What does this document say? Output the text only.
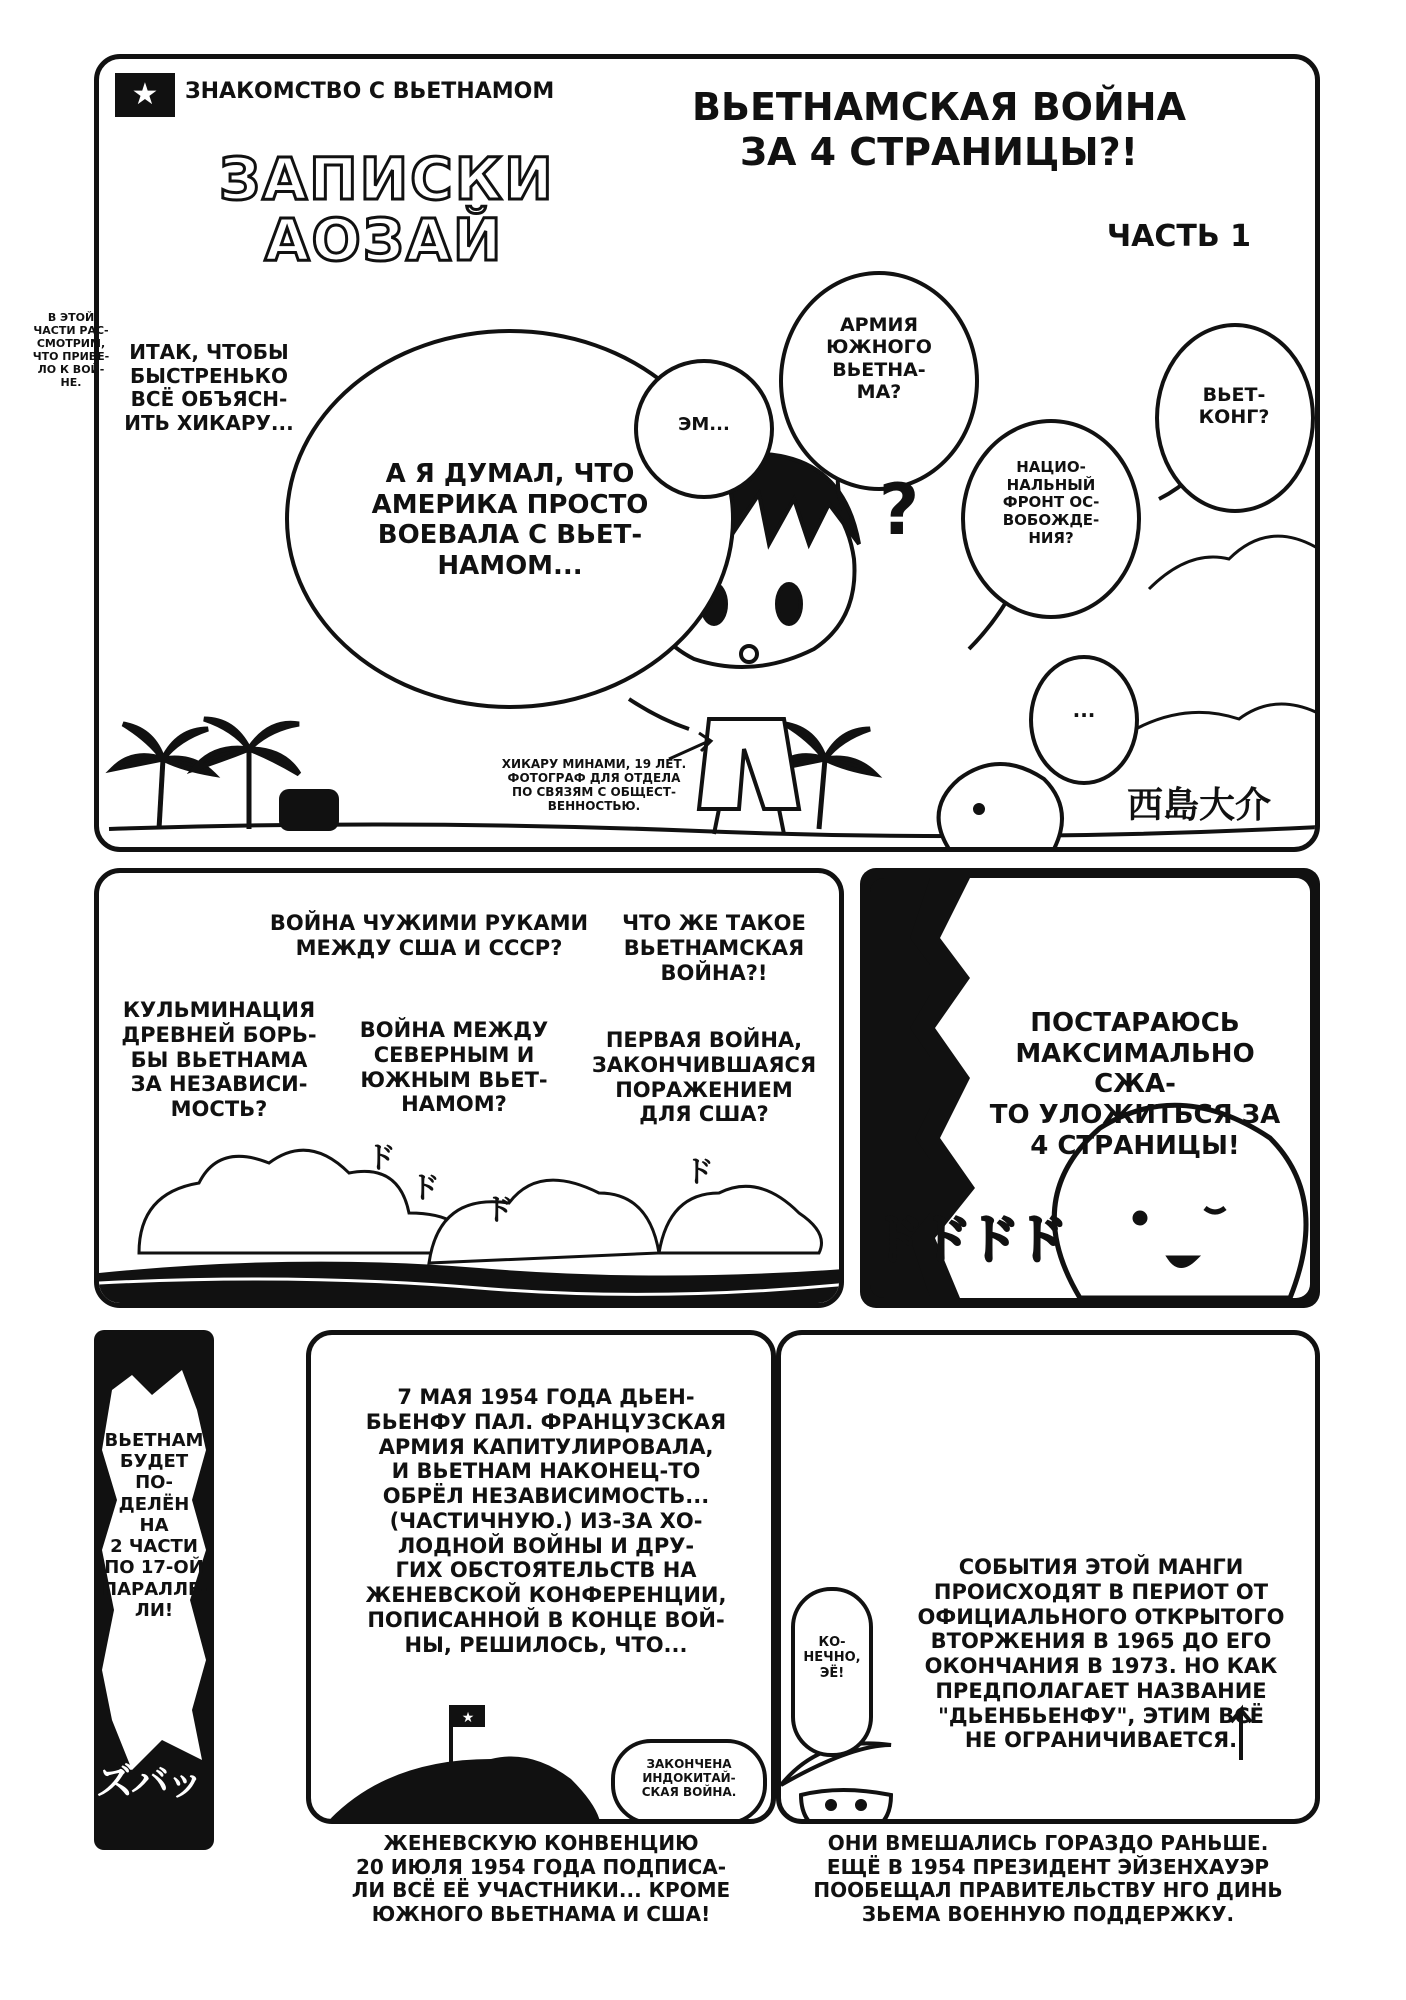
★	ЗНАКОМСТВО С ВЬЕТНАМОМ
ЗАПИСКИ
АОЗАЙ
ВЬЕТНАМСКАЯ ВОЙНА
ЗА 4 СТРАНИЦЫ?!
ЧАСТЬ 1
ИТАК, ЧТОБЫ
БЫСТРЕНЬКО
ВСЁ ОБЪЯСН-
ИТЬ ХИКАРУ...
А Я ДУМАЛ, ЧТО
АМЕРИКА ПРОСТО
ВОЕВАЛА С ВЬЕТ-
НАМОМ...
ЭМ...
АРМИЯ
ЮЖНОГО
ВЬЕТНА-
МА?
НАЦИО-
НАЛЬНЫЙ
ФРОНТ ОС-
ВОБОЖДЕ-
НИЯ?
ВЬЕТ-
КОНГ?
?
...
ХИКАРУ МИНАМИ, 19 ЛЕТ.
ФОТОГРАФ ДЛЯ ОТДЕЛА
ПО СВЯЗЯМ С ОБЩЕСТ-
ВЕННОСТЬЮ.	西島大介
В ЭТОЙ
ЧАСТИ РАС-
СМОТРИМ,
ЧТО ПРИВЕ-
ЛО К ВОЙ-
НЕ.
ВОЙНА ЧУЖИМИ РУКАМИ
МЕЖДУ США И СССР?
ЧТО ЖЕ ТАКОЕ
ВЬЕТНАМСКАЯ
ВОЙНА?!
КУЛЬМИНАЦИЯ
ДРЕВНЕЙ БОРЬ-
БЫ ВЬЕТНАМА
ЗА НЕЗАВИСИ-
МОСТЬ?
ВОЙНА МЕЖДУ
СЕВЕРНЫМ И
ЮЖНЫМ ВЬЕТ-
НАМОМ?
ПЕРВАЯ ВОЙНА,
ЗАКОНЧИВШАЯСЯ
ПОРАЖЕНИЕМ
ДЛЯ США?
ド
ド
ド
ド
ПОСТАРАЮСЬ
МАКСИМАЛЬНО СЖА-
ТО УЛОЖИТЬСЯ ЗА
4 СТРАНИЦЫ!
ドドドド
ВЬЕТНАМ
БУДЕТ ПО-
ДЕЛЁН НА
2 ЧАСТИ
ПО 17-ОЙ
ПАРАЛЛЕ-
ЛИ!
ズバッ
★
7 МАЯ 1954 ГОДА ДЬЕН-
БЬЕНФУ ПАЛ. ФРАНЦУЗСКАЯ
АРМИЯ КАПИТУЛИРОВАЛА,
И ВЬЕТНАМ НАКОНЕЦ-ТО
ОБРЁЛ НЕЗАВИСИМОСТЬ...
(ЧАСТИЧНУЮ.) ИЗ-ЗА ХО-
ЛОДНОЙ ВОЙНЫ И ДРУ-
ГИХ ОБСТОЯТЕЛЬСТВ НА
ЖЕНЕВСКОЙ КОНФЕРЕНЦИИ,
ПОПИСАННОЙ В КОНЦЕ ВОЙ-
НЫ, РЕШИЛОСЬ, ЧТО...
ЗАКОНЧЕНА
ИНДОКИТАЙ-
СКАЯ ВОЙНА.
ЖЕНЕВСКУЮ КОНВЕНЦИЮ
20 ИЮЛЯ 1954 ГОДА ПОДПИСА-
ЛИ ВСЁ ЕЁ УЧАСТНИКИ... КРОМЕ
ЮЖНОГО ВЬЕТНАМА И США!
КО-
НЕЧНО,
ЭЁ!
СОБЫТИЯ ЭТОЙ МАНГИ
ПРОИСХОДЯТ В ПЕРИОТ ОТ
ОФИЦИАЛЬНОГО ОТКРЫТОГО
ВТОРЖЕНИЯ В 1965 ДО ЕГО
ОКОНЧАНИЯ В 1973. НО КАК
ПРЕДПОЛАГАЕТ НАЗВАНИЕ
"ДЬЕНБЬЕНФУ", ЭТИМ ВСЁ
НЕ ОГРАНИЧИВАЕТСЯ.
ОНИ ВМЕШАЛИСЬ ГОРАЗДО РАНЬШЕ.
ЕЩЁ В 1954 ПРЕЗИДЕНТ ЭЙЗЕНХАУЭР
ПООБЕЩАЛ ПРАВИТЕЛЬСТВУ НГО ДИНЬ
ЗЬЕМА ВОЕННУЮ ПОДДЕРЖКУ.
